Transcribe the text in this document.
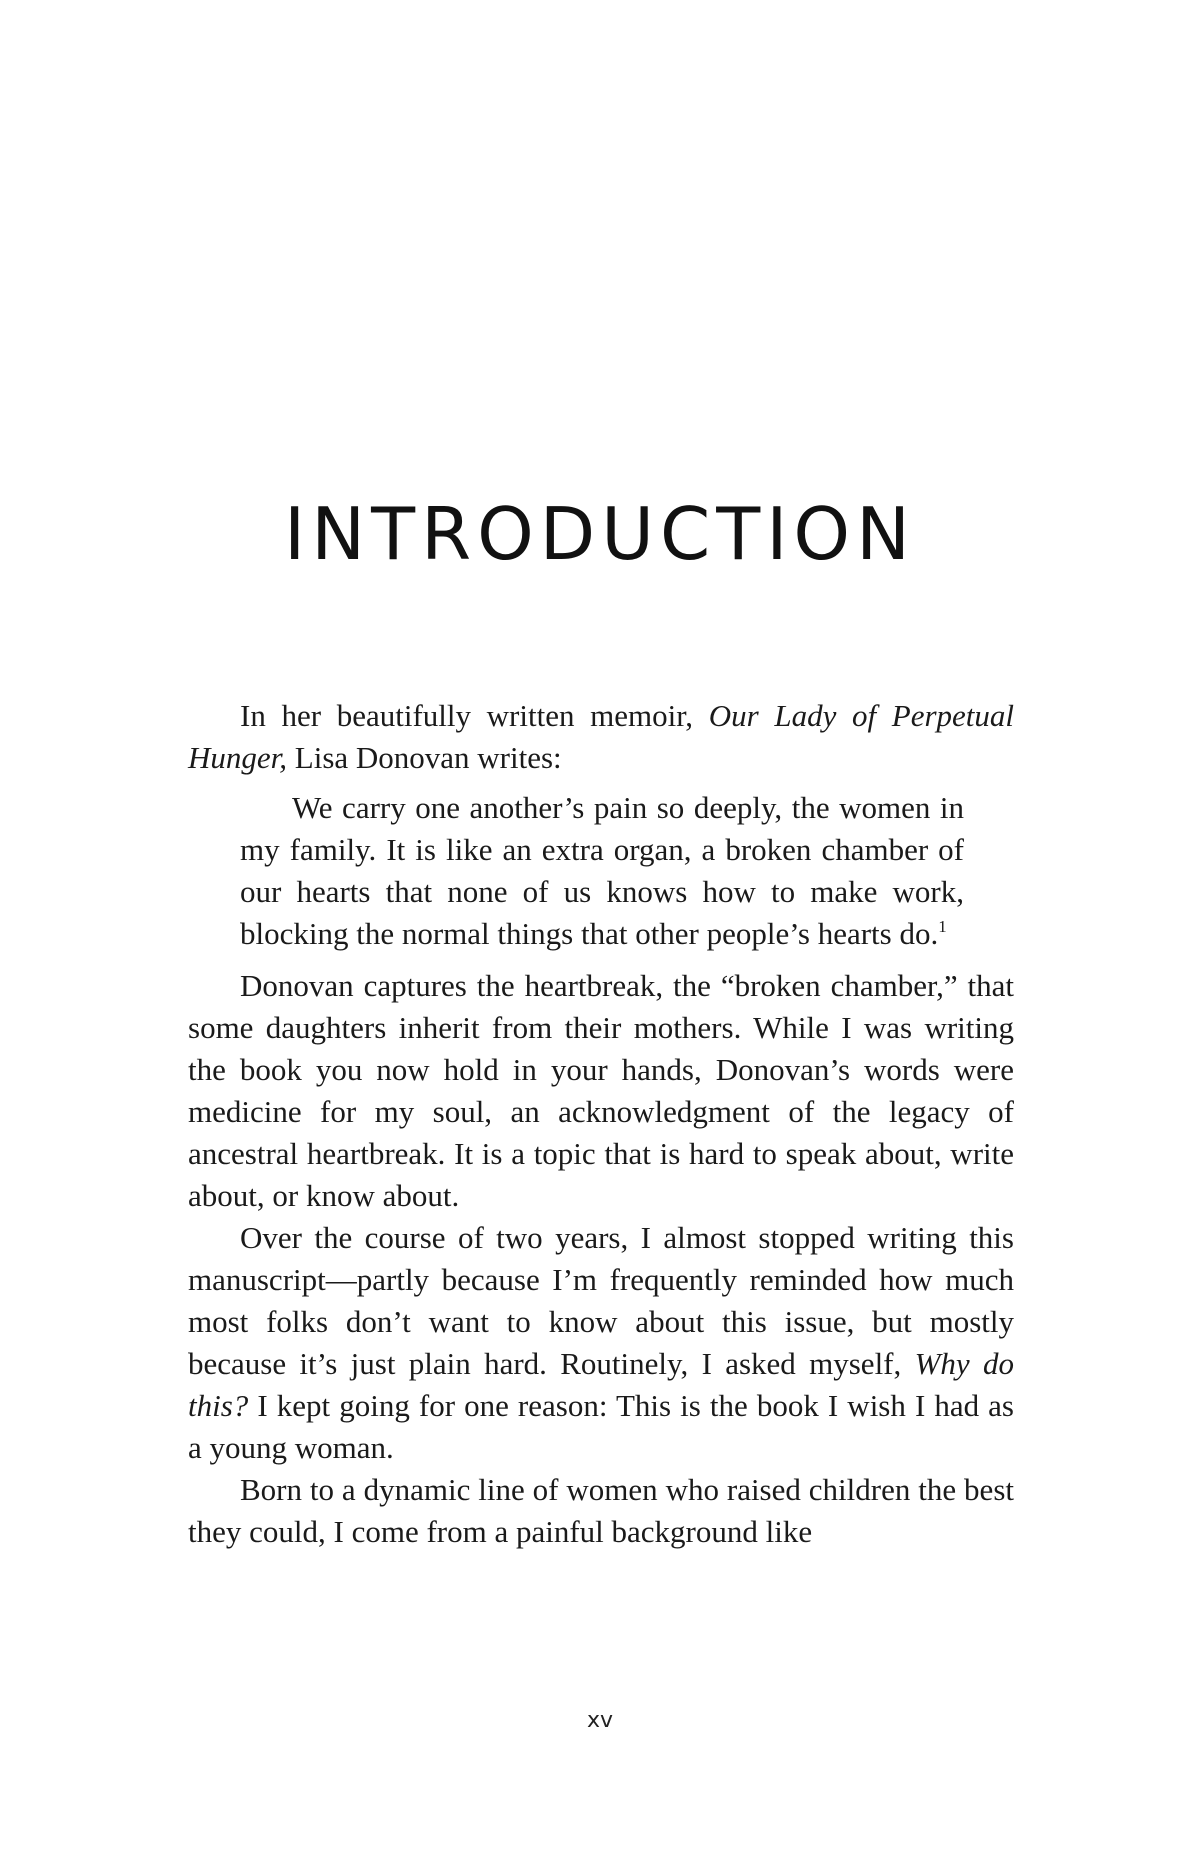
INTRODUCTION

In her beautifully written memoir, Our Lady of Perpetual Hunger, Lisa Donovan writes:

We carry one another’s pain so deeply, the women in my family. It is like an extra organ, a broken chamber of our hearts that none of us knows how to make work, blocking the normal things that other people’s hearts do.$^1$

Donovan captures the heartbreak, the “broken chamber,” that some daughters inherit from their mothers. While I was writing the book you now hold in your hands, Donovan’s words were medicine for my soul, an acknowledgment of the legacy of ancestral heartbreak. It is a topic that is hard to speak about, write about, or know about.

Over the course of two years, I almost stopped writing this manuscript—partly because I’m frequently reminded how much most folks don’t want to know about this issue, but mostly because it’s just plain hard. Routinely, I asked myself, Why do this? I kept going for one reason: This is the book I wish I had as a young woman.

Born to a dynamic line of women who raised children the best they could, I come from a painful background like

xv
